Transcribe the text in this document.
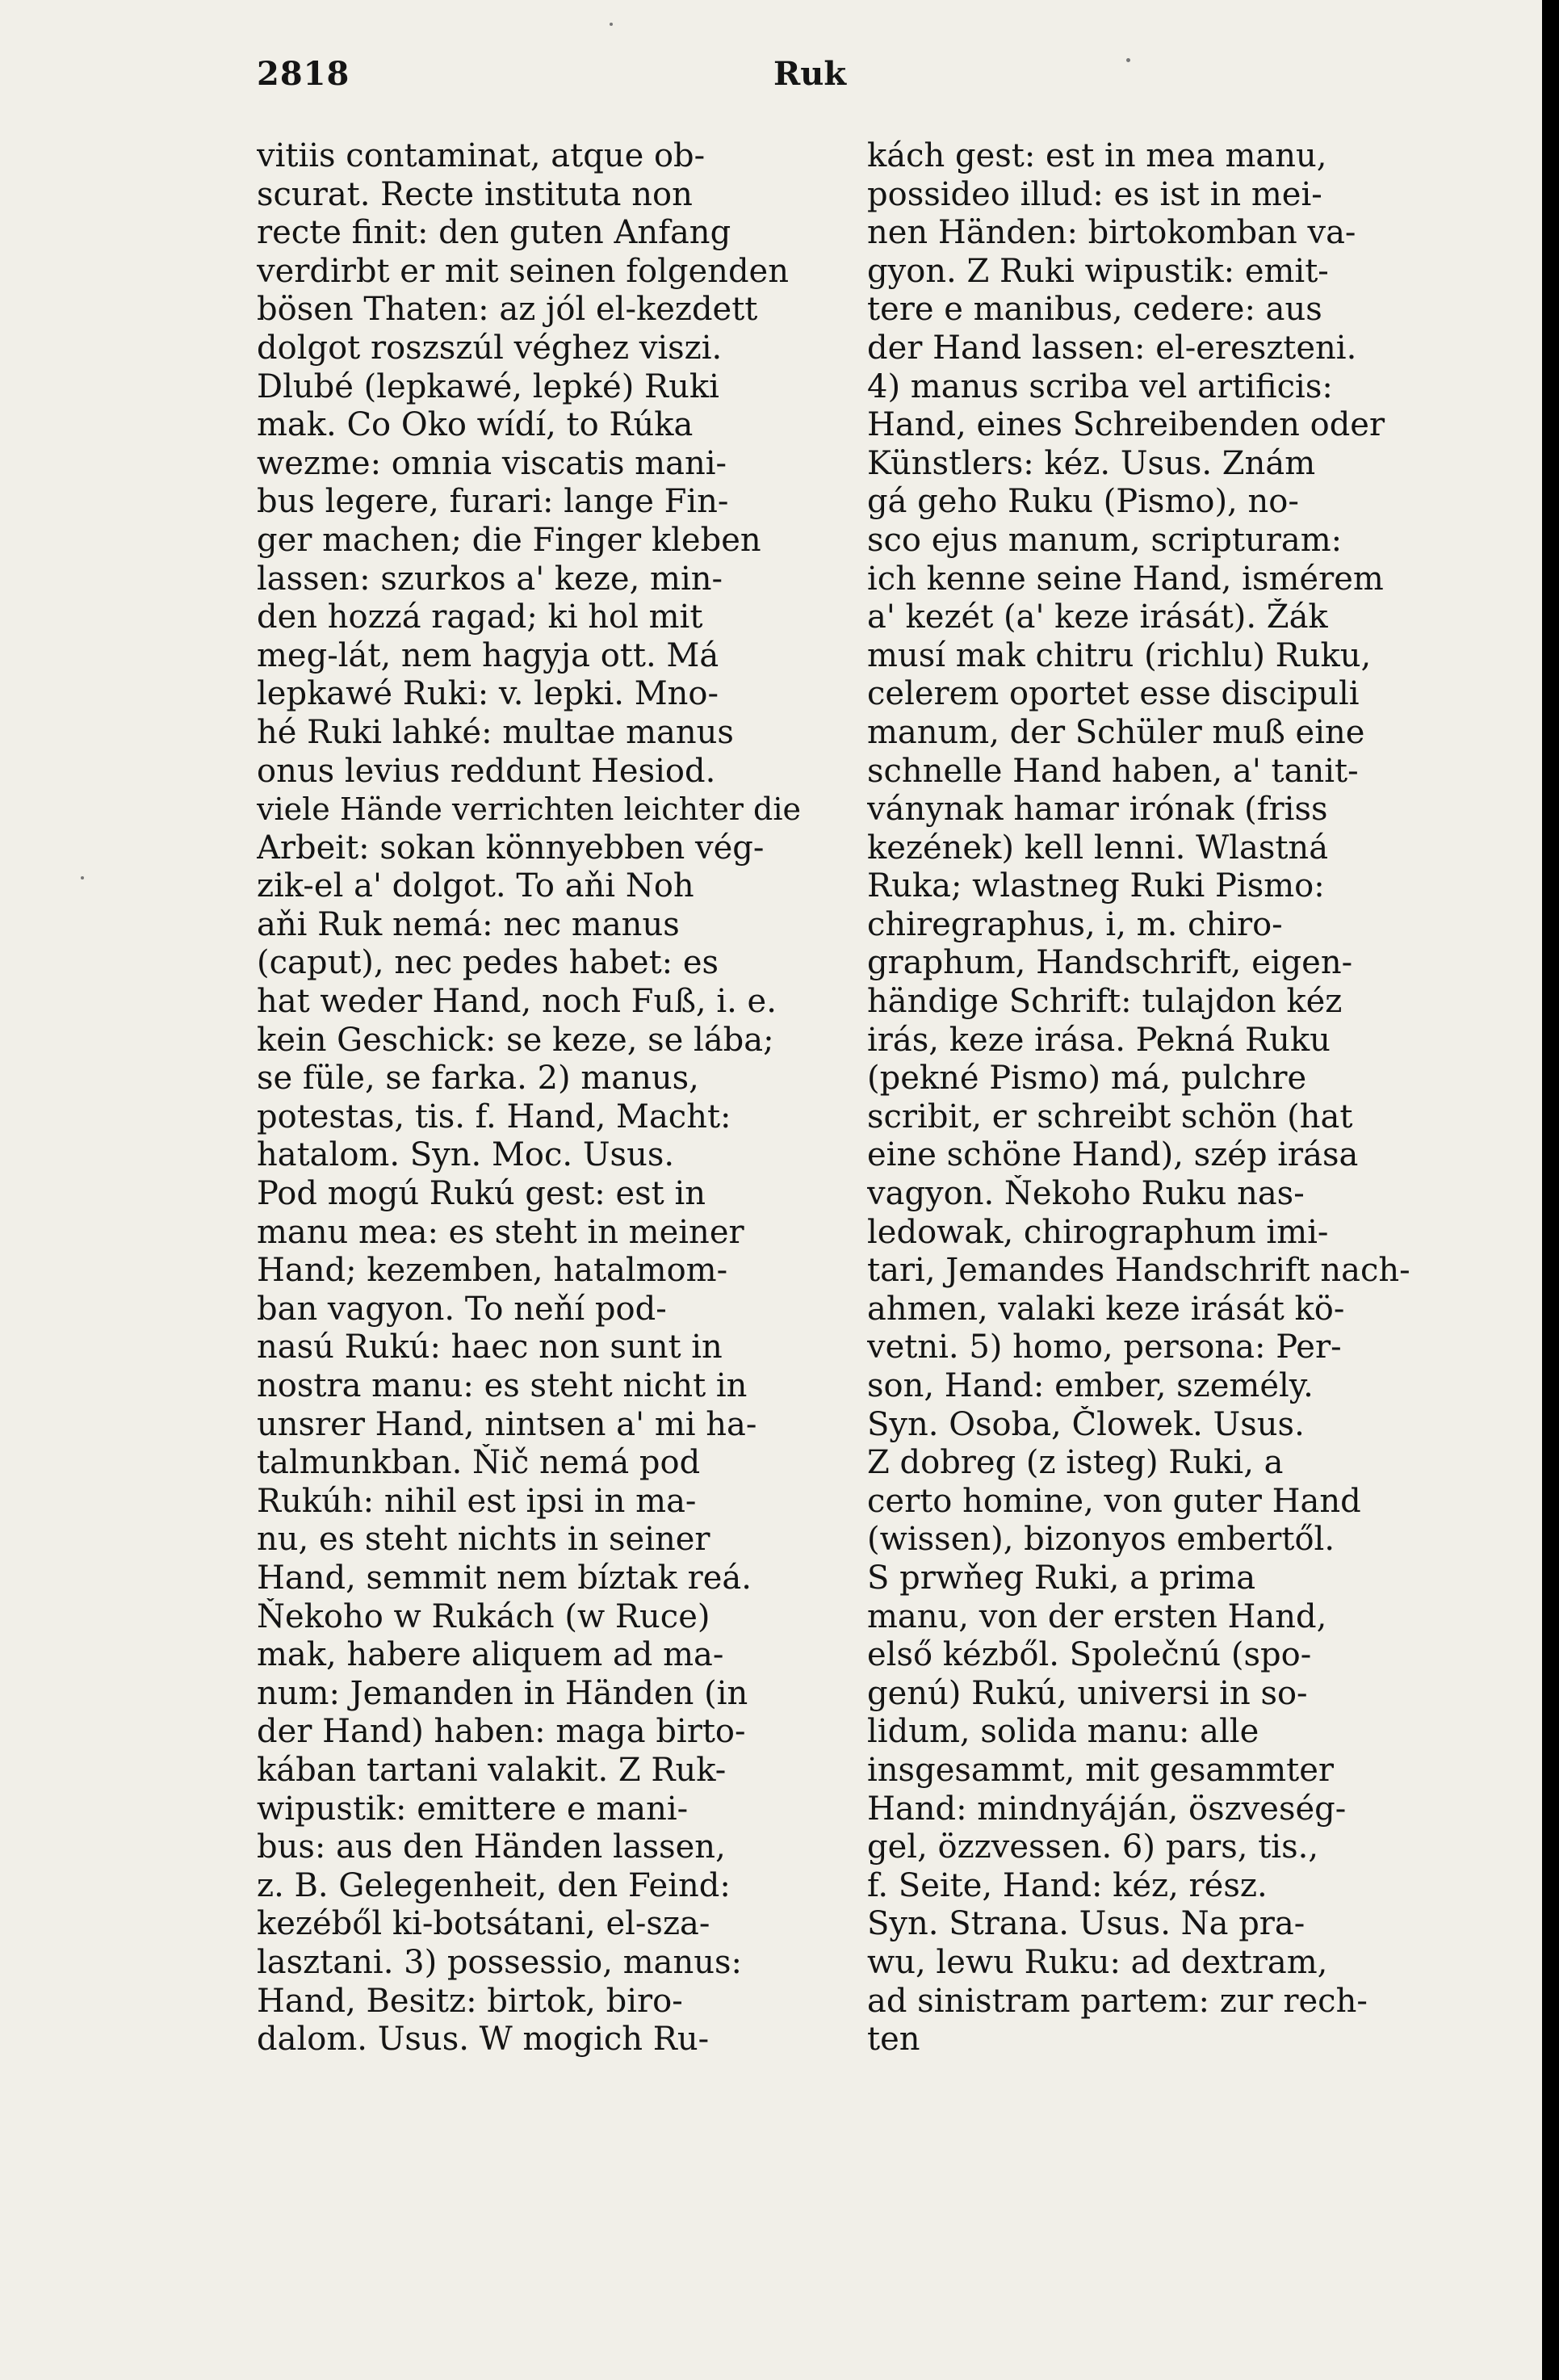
2818	Ruk
vitiis contaminat, atque ob-
scurat. Recte instituta non
recte finit: den guten Anfang
verdirbt er mit seinen folgenden
bösen Thaten: az jól el-kezdett
dolgot roszszúl véghez viszi.
Dlubé (lepkawé, lepké) Ruki
mak. Co Oko wídí, to Rúka
wezme: omnia viscatis mani-
bus legere, furari: lange Fin-
ger machen; die Finger kleben
lassen: szurkos a' keze, min-
den hozzá ragad; ki hol mit
meg-lát, nem hagyja ott. Má
lepkawé Ruki: v. lepki. Mno-
hé Ruki lahké: multae manus
onus levius reddunt Hesiod.
viele Hände verrichten leichter die
Arbeit: sokan könnyebben vég-
zik-el a' dolgot. To aňi Noh
aňi Ruk nemá: nec manus
(caput), nec pedes habet: es
hat weder Hand, noch Fuß, i. e.
kein Geschick: se keze, se lába;
se füle, se farka. 2) manus,
potestas, tis. f. Hand, Macht:
hatalom. Syn. Moc. Usus.
Pod mogú Rukú gest: est in
manu mea: es steht in meiner
Hand; kezemben, hatalmom-
ban vagyon. To neňí pod-
nasú Rukú: haec non sunt in
nostra manu: es steht nicht in
unsrer Hand, nintsen a' mi ha-
talmunkban. Ňič nemá pod
Rukúh: nihil est ipsi in ma-
nu, es steht nichts in seiner
Hand, semmit nem bíztak reá.
Ňekoho w Rukách (w Ruce)
mak, habere aliquem ad ma-
num: Jemanden in Händen (in
der Hand) haben: maga birto-
kában tartani valakit. Z Ruk-
wipustik: emittere e mani-
bus: aus den Händen lassen,
z. B. Gelegenheit, den Feind:
kezéből ki-botsátani, el-sza-
lasztani. 3) possessio, manus:
Hand, Besitz: birtok, biro-
dalom. Usus. W mogich Ru-
kách gest: est in mea manu,
possideo illud: es ist in mei-
nen Händen: birtokomban va-
gyon. Z Ruki wipustik: emit-
tere e manibus, cedere: aus
der Hand lassen: el-ereszteni.
4) manus scriba vel artificis:
Hand, eines Schreibenden oder
Künstlers: kéz. Usus. Znám
gá geho Ruku (Pismo), no-
sco ejus manum, scripturam:
ich kenne seine Hand, ismérem
a' kezét (a' keze irását). Žák
musí mak chitru (richlu) Ruku,
celerem oportet esse discipuli
manum, der Schüler muß eine
schnelle Hand haben, a' tanit-
ványnak hamar irónak (friss
kezének) kell lenni. Wlastná
Ruka; wlastneg Ruki Pismo:
chiregraphus, i, m. chiro-
graphum, Handschrift, eigen-
händige Schrift: tulajdon kéz
irás, keze irása. Pekná Ruku
(pekné Pismo) má, pulchre
scribit, er schreibt schön (hat
eine schöne Hand), szép irása
vagyon. Ňekoho Ruku nas-
ledowak, chirographum imi-
tari, Jemandes Handschrift nach-
ahmen, valaki keze irását kö-
vetni. 5) homo, persona: Per-
son, Hand: ember, személy.
Syn. Osoba, Člowek. Usus.
Z dobreg (z isteg) Ruki, a
certo homine, von guter Hand
(wissen), bizonyos embertől.
S prwňeg Ruki, a prima
manu, von der ersten Hand,
első kézből. Společnú (spo-
genú) Rukú, universi in so-
lidum, solida manu: alle
insgesammt, mit gesammter
Hand: mindnyáján, öszveség-
gel, özzvessen. 6) pars, tis.,
f. Seite, Hand: kéz, rész.
Syn. Strana. Usus. Na pra-
wu, lewu Ruku: ad dextram,
ad sinistram partem: zur rech-
ten
